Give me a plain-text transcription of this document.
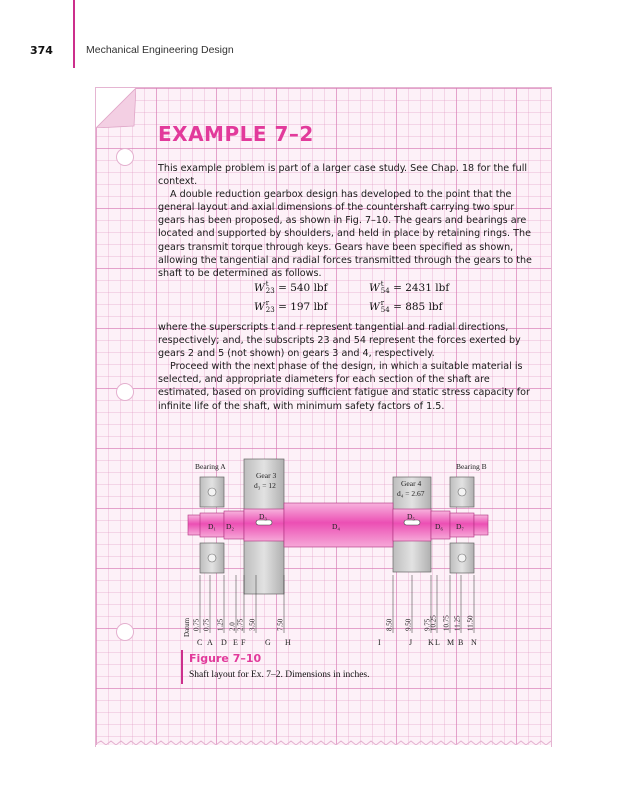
374	Mechanical Engineering Design
EXAMPLE 7–2

This example problem is part of a larger case study. See Chap. 18 for the full context.

A double reduction gearbox design has developed to the point that the general layout and axial dimensions of the countershaft carrying two spur gears has been proposed, as shown in Fig. 7–10. The gears and bearings are located and supported by shoulders, and held in place by retaining rings. The gears transmit torque through keys. Gears have been specified as shown, allowing the tangential and radial forces transmitted through the gears to the shaft to be determined as follows.

W t
23 = 540 lbf	W t
54 = 2431 lbf
W r
23 = 197 lbf	W r
54 = 885 lbf

where the superscripts t and r represent tangential and radial directions, respectively; and, the subscripts 23 and 54 represent the forces exerted by gears 2 and 5 (not shown) on gears 3 and 4, respectively.

Proceed with the next phase of the design, in which a suitable material is selected, and appropriate diameters for each section of the shaft are estimated, based on providing sufficient fatigue and static stress capacity for infinite life of the shaft, with minimum safety factors of 1.5.

Bearing A	Bearing B
Gear 3
d₃ = 12	Gear 4
d₄ = 2.67
D₁ D₂
D₃
D₄
D₅
D₆ D₇
0.75 0.75 1.25 2.0 2.75 3.50	7.50	8.50 9.50 9.75
10.25 10.75 11.25 11.50
C A D E F G H	I	J K L M B N
Datum
Figure 7–10
Shaft layout for Ex. 7–2. Dimensions in inches.
